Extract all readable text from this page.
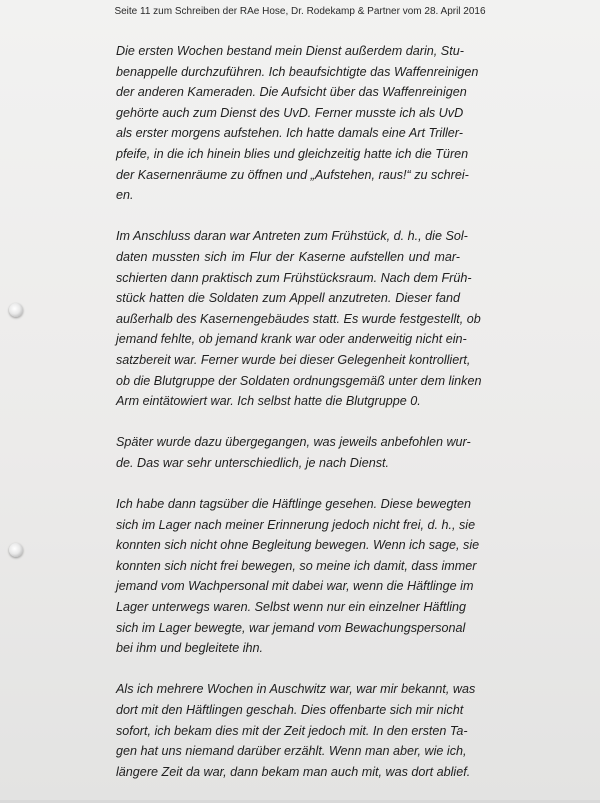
Seite 11 zum Schreiben der RAe Hose, Dr. Rodekamp & Partner vom 28. April 2016
Die ersten Wochen bestand mein Dienst außerdem darin, Stu-
benappelle durchzuführen. Ich beaufsichtigte das Waffenreinigen
der anderen Kameraden. Die Aufsicht über das Waffenreinigen
gehörte auch zum Dienst des UvD. Ferner musste ich als UvD
als erster morgens aufstehen. Ich hatte damals eine Art Triller-
pfeife, in die ich hinein blies und gleichzeitig hatte ich die Türen
der Kasernenräume zu öffnen und „Aufstehen, raus!“ zu schrei-
en.
Im Anschluss daran war Antreten zum Frühstück, d. h., die Sol-
daten mussten sich im Flur der Kaserne aufstellen und mar-
schierten dann praktisch zum Frühstücksraum. Nach dem Früh-
stück hatten die Soldaten zum Appell anzutreten. Dieser fand
außerhalb des Kasernengebäudes statt. Es wurde festgestellt, ob
jemand fehlte, ob jemand krank war oder anderweitig nicht ein-
satzbereit war. Ferner wurde bei dieser Gelegenheit kontrolliert,
ob die Blutgruppe der Soldaten ordnungsgemäß unter dem linken
Arm eintätowiert war. Ich selbst hatte die Blutgruppe 0.
Später wurde dazu übergegangen, was jeweils anbefohlen wur-
de. Das war sehr unterschiedlich, je nach Dienst.
Ich habe dann tagsüber die Häftlinge gesehen. Diese bewegten
sich im Lager nach meiner Erinnerung jedoch nicht frei, d. h., sie
konnten sich nicht ohne Begleitung bewegen. Wenn ich sage, sie
konnten sich nicht frei bewegen, so meine ich damit, dass immer
jemand vom Wachpersonal mit dabei war, wenn die Häftlinge im
Lager unterwegs waren. Selbst wenn nur ein einzelner Häftling
sich im Lager bewegte, war jemand vom Bewachungspersonal
bei ihm und begleitete ihn.
Als ich mehrere Wochen in Auschwitz war, war mir bekannt, was
dort mit den Häftlingen geschah. Dies offenbarte sich mir nicht
sofort, ich bekam dies mit der Zeit jedoch mit. In den ersten Ta-
gen hat uns niemand darüber erzählt. Wenn man aber, wie ich,
längere Zeit da war, dann bekam man auch mit, was dort ablief.
